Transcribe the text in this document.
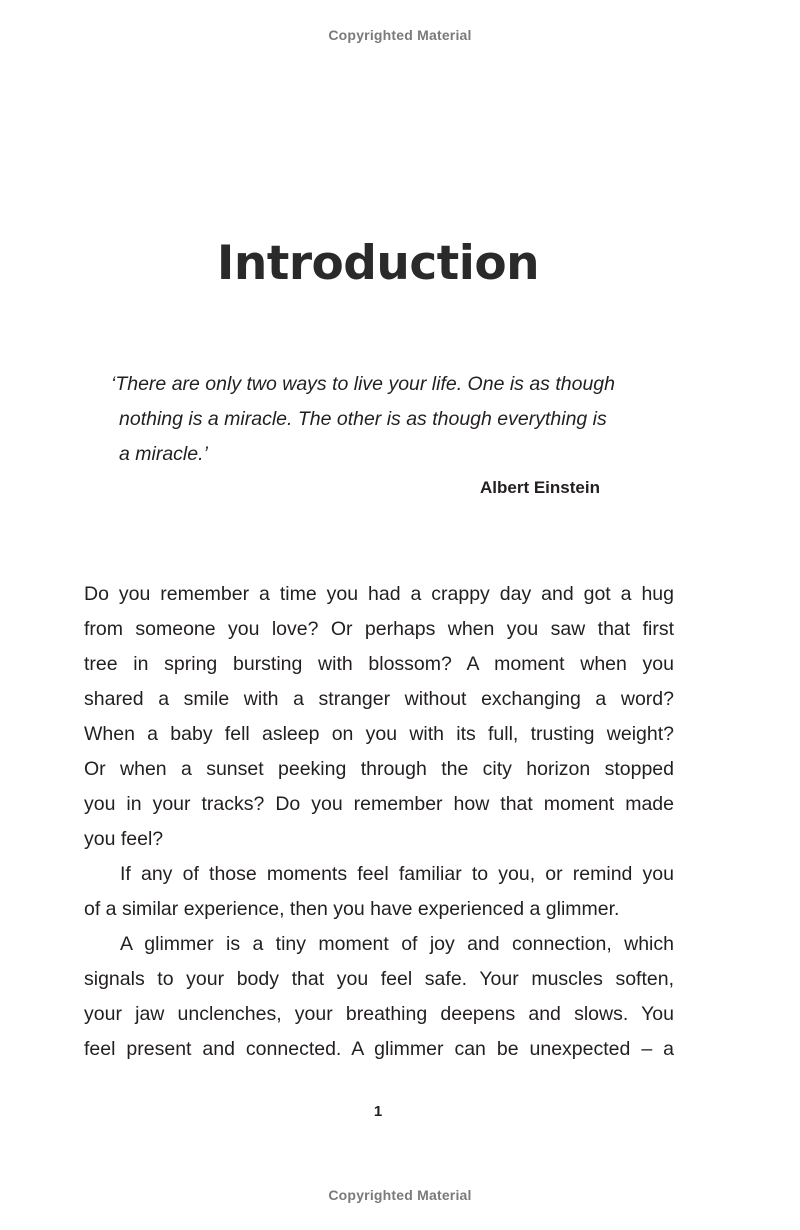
Copyrighted Material
Introduction
‘There are only two ways to live your life. One is as though
nothing is a miracle. The other is as though everything is
a miracle.’
Albert Einstein
Do you remember a time you had a crappy day and got a hug
from someone you love? Or perhaps when you saw that first
tree in spring bursting with blossom? A moment when you
shared a smile with a stranger without exchanging a word?
When a baby fell asleep on you with its full, trusting weight?
Or when a sunset peeking through the city horizon stopped
you in your tracks? Do you remember how that moment made
you feel?
If any of those moments feel familiar to you, or remind you
of a similar experience, then you have experienced a glimmer.
A glimmer is a tiny moment of joy and connection, which
signals to your body that you feel safe. Your muscles soften,
your jaw unclenches, your breathing deepens and slows. You
feel present and connected. A glimmer can be unexpected – a
1
Copyrighted Material
